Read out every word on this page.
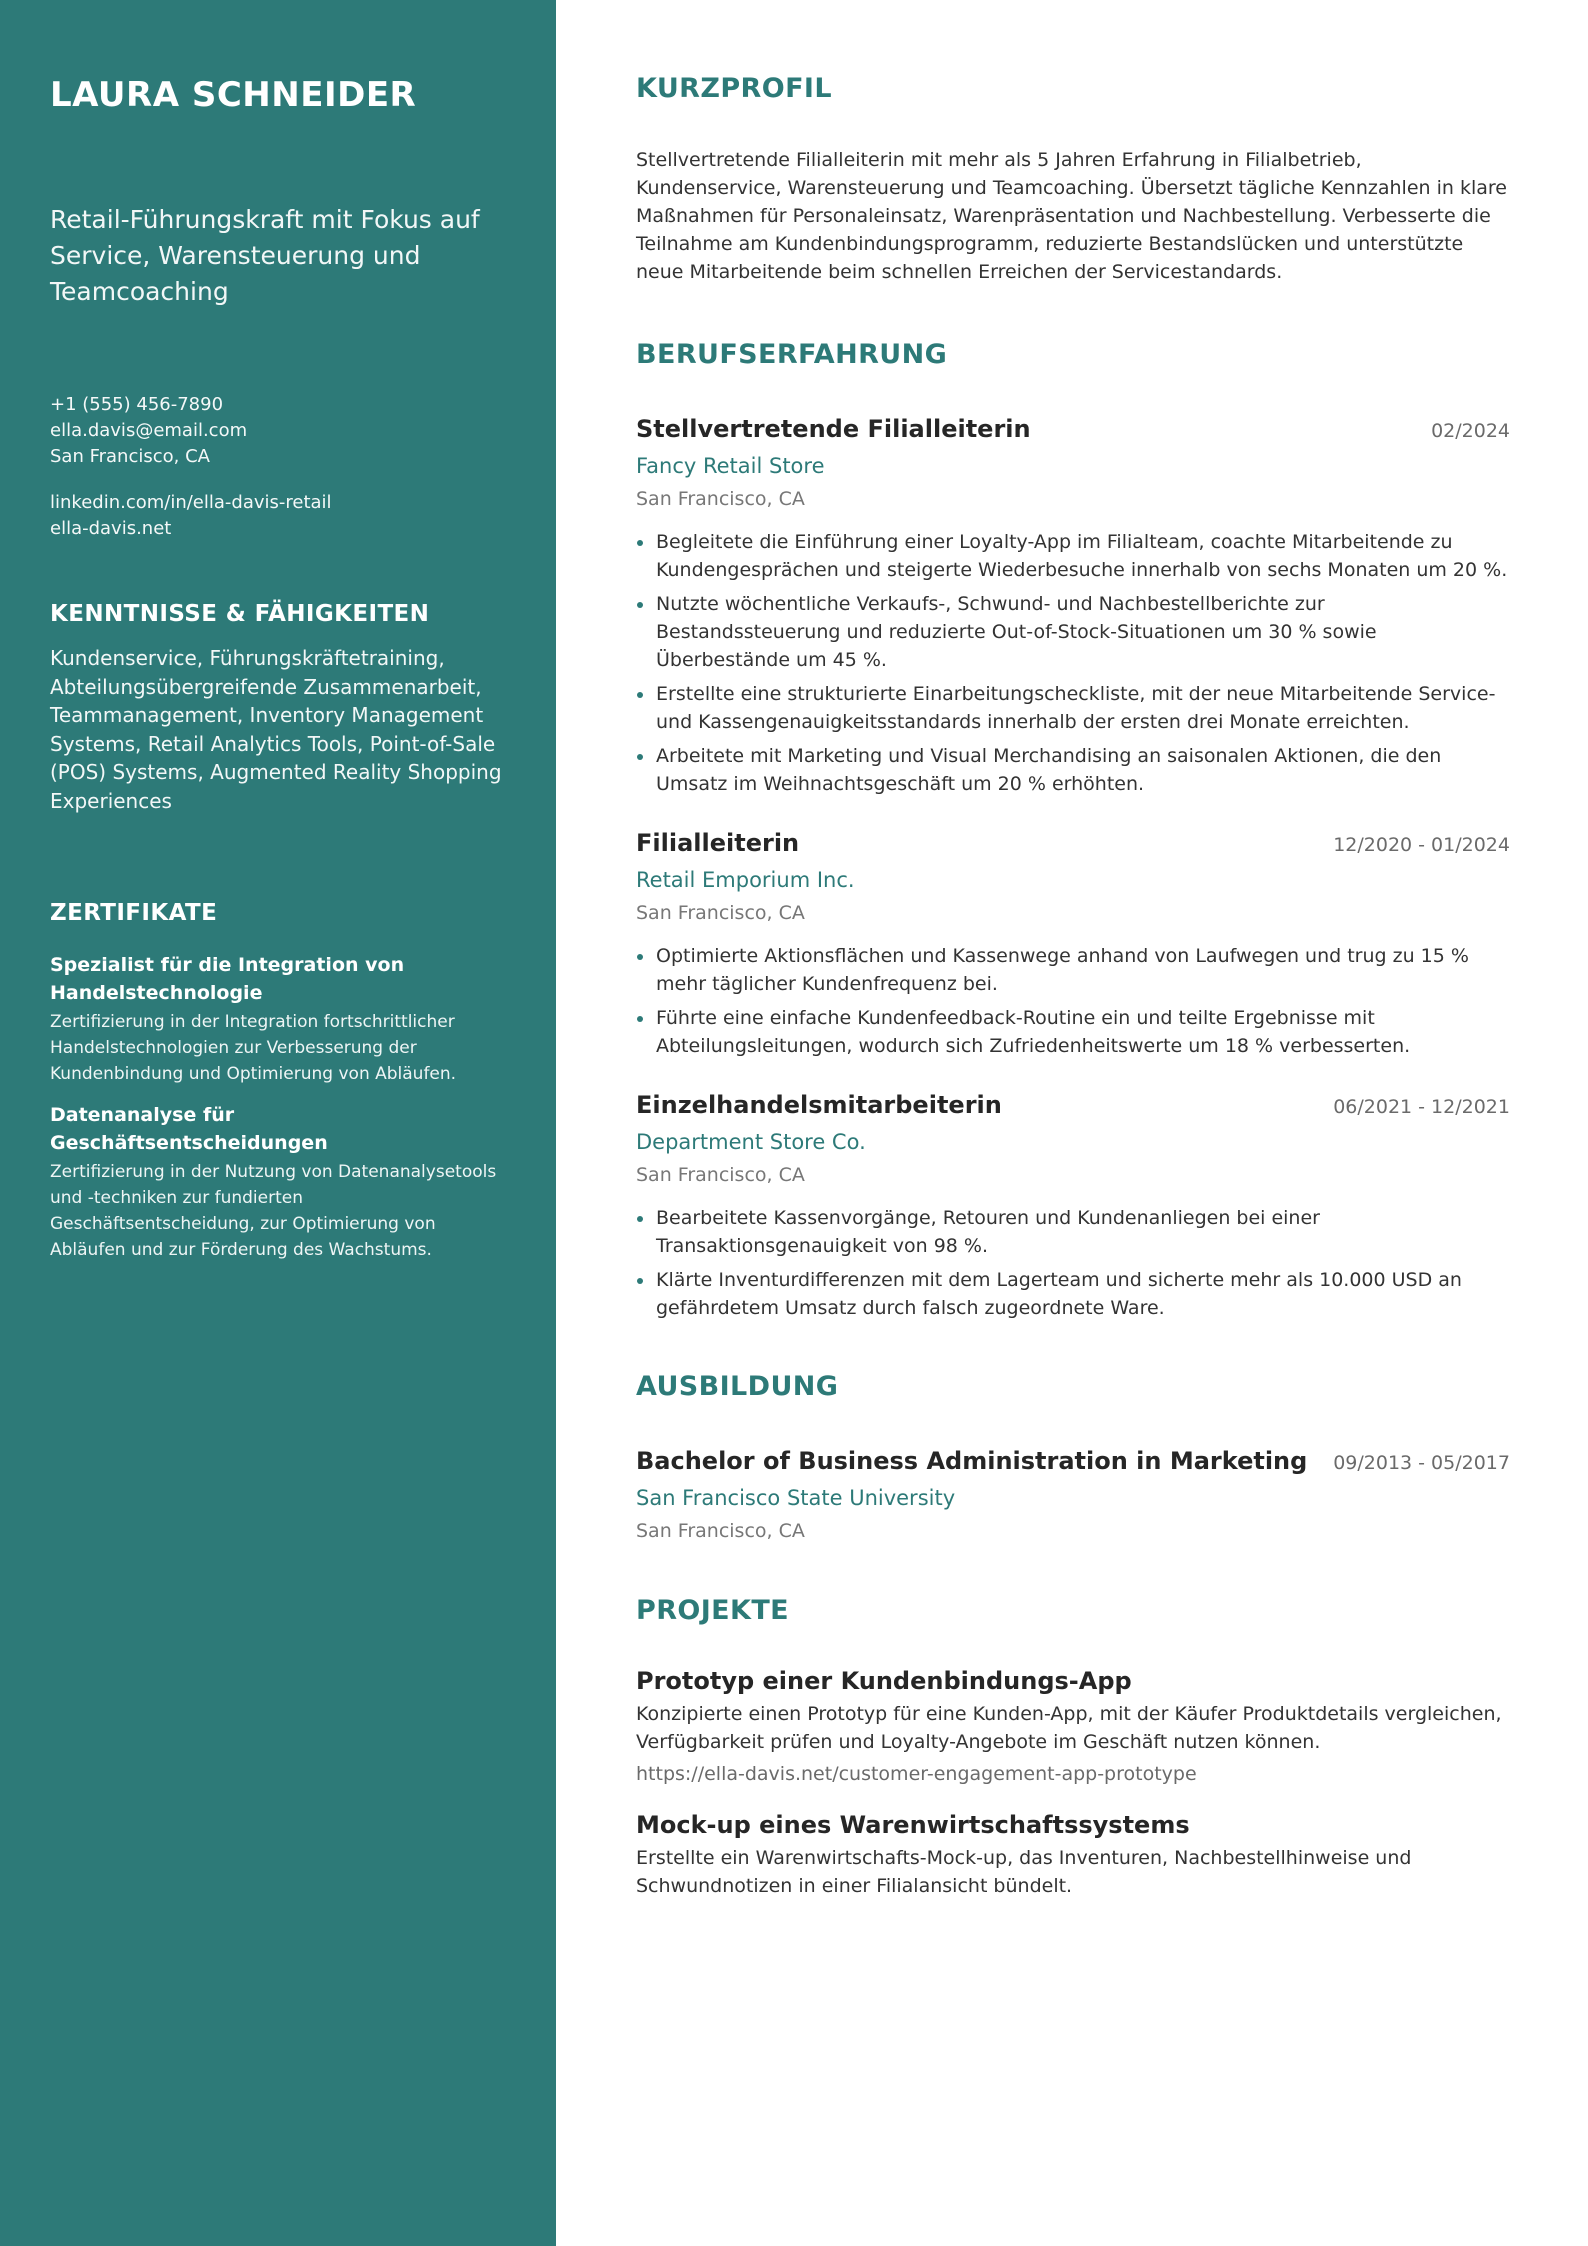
LAURA SCHNEIDER

Retail-Führungskraft mit Fokus auf Service, Warensteuerung und Teamcoaching

+1 (555) 456-7890
ella.davis@email.com
San Francisco, CA
linkedin.com/in/ella-davis-retail
ella-davis.net
KENNTNISSE & FÄHIGKEITEN

Kundenservice, Führungskräftetraining, Abteilungsübergreifende Zusammenarbeit, Teammanagement, Inventory Management Systems, Retail Analytics Tools, Point-of-Sale (POS) Systems, Augmented Reality Shopping Experiences

ZERTIFIKATE
Spezialist für die Integration von Handelstechnologie
Zertifizierung in der Integration fortschrittlicher Handelstechnologien zur Verbesserung der Kundenbindung und Optimierung von Abläufen.
Datenanalyse für Geschäftsentscheidungen
Zertifizierung in der Nutzung von Datenanalysetools und -techniken zur fundierten Geschäftsentscheidung, zur Optimierung von Abläufen und zur Förderung des Wachstums.
KURZPROFIL

Stellvertretende Filialleiterin mit mehr als 5 Jahren Erfahrung in Filialbetrieb, Kundenservice, Warensteuerung und Teamcoaching. Übersetzt tägliche Kennzahlen in klare Maßnahmen für Personaleinsatz, Warenpräsentation und Nachbestellung. Verbesserte die Teilnahme am Kundenbindungsprogramm, reduzierte Bestandslücken und unterstützte neue Mitarbeitende beim schnellen Erreichen der Servicestandards.

BERUFSERFAHRUNG
Stellvertretende Filialleiterin	02/2024
Fancy Retail Store
San Francisco, CA
Begleitete die Einführung einer Loyalty-App im Filialteam, coachte Mitarbeitende zu Kundengesprächen und steigerte Wiederbesuche innerhalb von sechs Monaten um 20 %.
Nutzte wöchentliche Verkaufs-, Schwund- und Nachbestellberichte zur Bestandssteuerung und reduzierte Out-of-Stock-Situationen um 30 % sowie Überbestände um 45 %.
Erstellte eine strukturierte Einarbeitungscheckliste, mit der neue Mitarbeitende Service- und Kassengenauigkeitsstandards innerhalb der ersten drei Monate erreichten.
Arbeitete mit Marketing und Visual Merchandising an saisonalen Aktionen, die den Umsatz im Weihnachtsgeschäft um 20 % erhöhten.
Filialleiterin	12/2020 - 01/2024
Retail Emporium Inc.
San Francisco, CA
Optimierte Aktionsflächen und Kassenwege anhand von Laufwegen und trug zu 15 % mehr täglicher Kundenfrequenz bei.
Führte eine einfache Kundenfeedback-Routine ein und teilte Ergebnisse mit Abteilungsleitungen, wodurch sich Zufriedenheitswerte um 18 % verbesserten.
Einzelhandelsmitarbeiterin	06/2021 - 12/2021
Department Store Co.
San Francisco, CA
Bearbeitete Kassenvorgänge, Retouren und Kundenanliegen bei einer Transaktionsgenauigkeit von 98 %.
Klärte Inventurdifferenzen mit dem Lagerteam und sicherte mehr als 10.000 USD an gefährdetem Umsatz durch falsch zugeordnete Ware.
AUSBILDUNG
Bachelor of Business Administration in Marketing 09/2013 - 05/2017
San Francisco State University
San Francisco, CA
PROJEKTE
Prototyp einer Kundenbindungs-App
Konzipierte einen Prototyp für eine Kunden-App, mit der Käufer Produktdetails vergleichen, Verfügbarkeit prüfen und Loyalty-Angebote im Geschäft nutzen können.
https://ella-davis.net/customer-engagement-app-prototype
Mock-up eines Warenwirtschaftssystems
Erstellte ein Warenwirtschafts-Mock-up, das Inventuren, Nachbestellhinweise und Schwundnotizen in einer Filialansicht bündelt.
